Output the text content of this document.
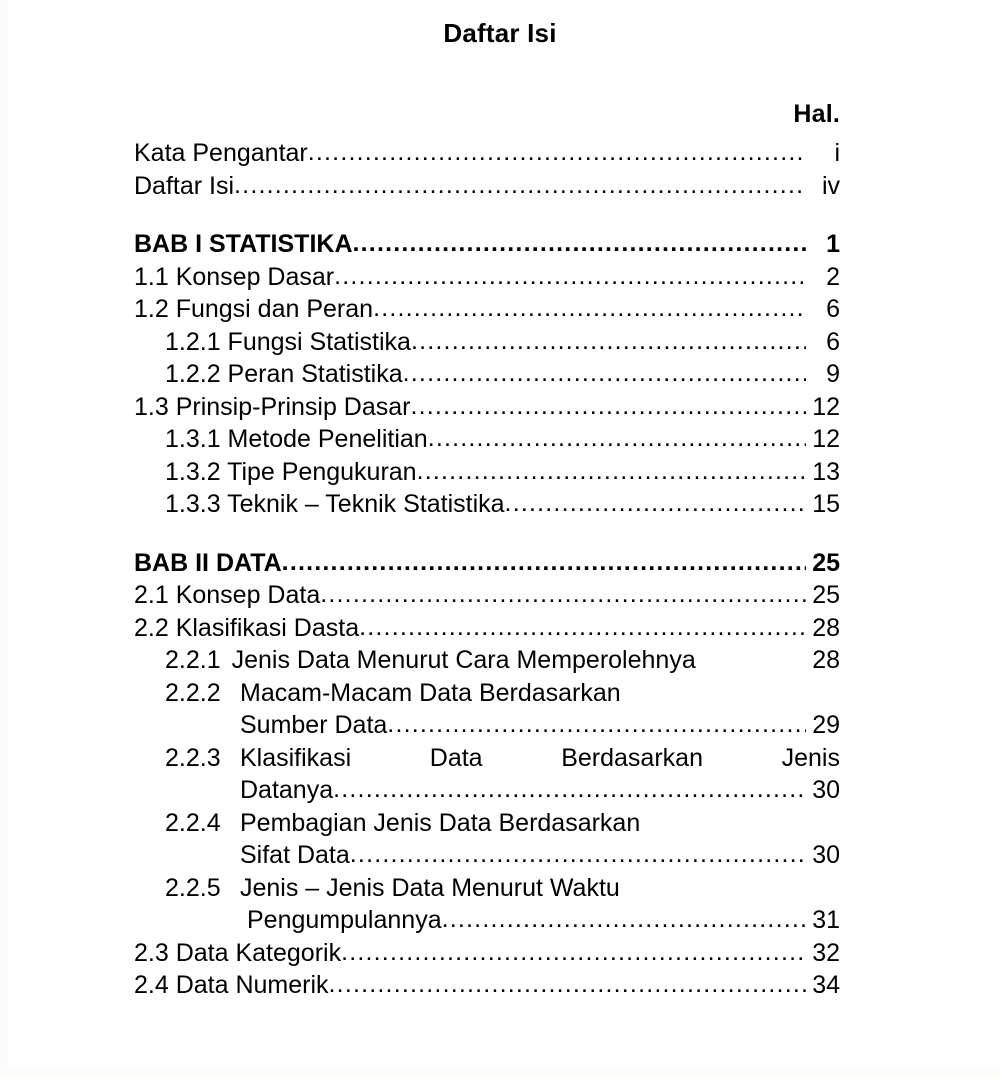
Daftar Isi
Hal.
Kata Pengantar .....	i
Daftar Isi .....	iv
BAB I STATISTIKA .....	1
1.1 Konsep Dasar .....	2
1.2 Fungsi dan Peran .....	6
1.2.1 Fungsi Statistika .....	6
1.2.2 Peran Statistika .....	9
1.3 Prinsip-Prinsip Dasar .....	12
1.3.1 Metode Penelitian .....	12
1.3.2 Tipe Pengukuran .....	13
1.3.3 Teknik – Teknik Statistika .....	15
BAB II DATA .....	25
2.1 Konsep Data .....	25
2.2 Klasifikasi Dasta .....	28
2.2.1 Jenis Data Menurut Cara Memperolehnya	28
2.2.2 Macam-Macam Data Berdasarkan
Sumber Data .....	29
2.2.3 Klasifikasi	Data	Berdasarkan	Jenis
Datanya .....	30
2.2.4 Pembagian Jenis Data Berdasarkan
Sifat Data .....	30
2.2.5 Jenis – Jenis Data Menurut Waktu
Pengumpulannya .....	31
2.3 Data Kategorik .....	32
2.4 Data Numerik .....	34
